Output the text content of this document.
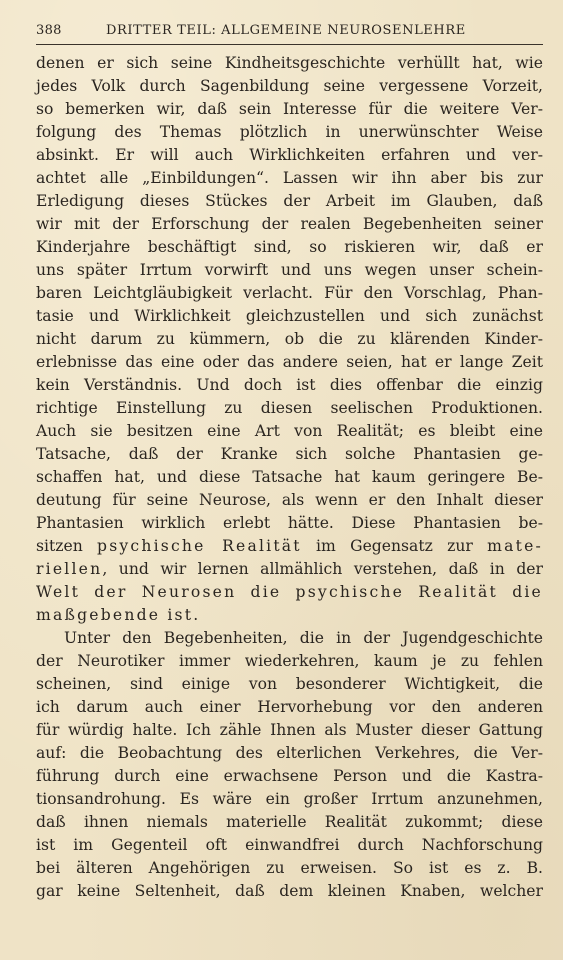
388	DRITTER TEIL: ALLGEMEINE NEUROSENLEHRE
denen er sich seine Kindheitsgeschichte verhüllt hat, wie
jedes Volk durch Sagenbildung seine vergessene Vorzeit,
so bemerken wir, daß sein Interesse für die weitere Ver-
folgung des Themas plötzlich in unerwünschter Weise
absinkt. Er will auch Wirklichkeiten erfahren und ver-
achtet alle „Einbildungen“. Lassen wir ihn aber bis zur
Erledigung dieses Stückes der Arbeit im Glauben, daß
wir mit der Erforschung der realen Begebenheiten seiner
Kinderjahre beschäftigt sind, so riskieren wir, daß er
uns später Irrtum vorwirft und uns wegen unser schein-
baren Leichtgläubigkeit verlacht. Für den Vorschlag, Phan-
tasie und Wirklichkeit gleichzustellen und sich zunächst
nicht darum zu kümmern, ob die zu klärenden Kinder-
erlebnisse das eine oder das andere seien, hat er lange Zeit
kein Verständnis. Und doch ist dies offenbar die einzig
richtige Einstellung zu diesen seelischen Produktionen.
Auch sie besitzen eine Art von Realität; es bleibt eine
Tatsache, daß der Kranke sich solche Phantasien ge-
schaffen hat, und diese Tatsache hat kaum geringere Be-
deutung für seine Neurose, als wenn er den Inhalt dieser
Phantasien wirklich erlebt hätte. Diese Phantasien be-
sitzen psychische Realität im Gegensatz zur mate-
riellen, und wir lernen allmählich verstehen, daß in der
Welt der Neurosen die psychische Realität die
maßgebende ist.
Unter den Begebenheiten, die in der Jugendgeschichte
der Neurotiker immer wiederkehren, kaum je zu fehlen
scheinen, sind einige von besonderer Wichtigkeit, die
ich darum auch einer Hervorhebung vor den anderen
für würdig halte. Ich zähle Ihnen als Muster dieser Gattung
auf: die Beobachtung des elterlichen Verkehres, die Ver-
führung durch eine erwachsene Person und die Kastra-
tionsandrohung. Es wäre ein großer Irrtum anzunehmen,
daß ihnen niemals materielle Realität zukommt; diese
ist im Gegenteil oft einwandfrei durch Nachforschung
bei älteren Angehörigen zu erweisen. So ist es z. B.
gar keine Seltenheit, daß dem kleinen Knaben, welcher
